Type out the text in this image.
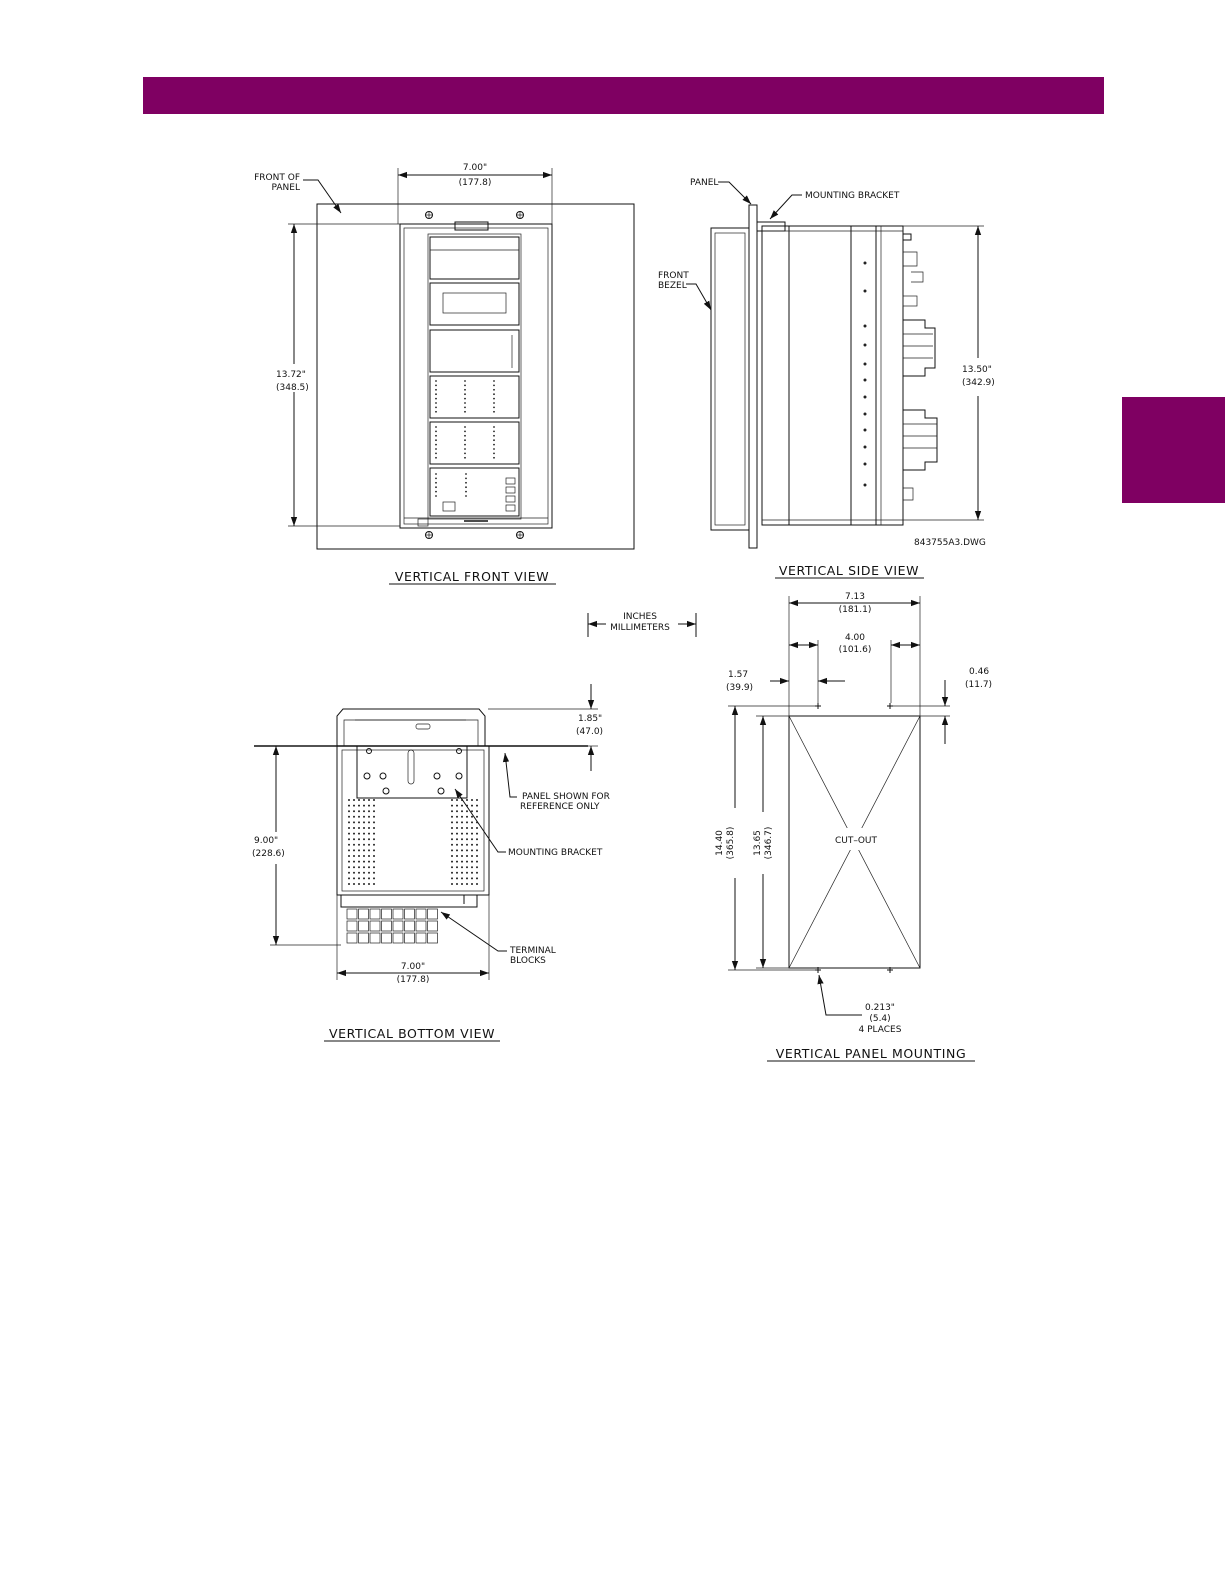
7.00"
(177.8)
13.72"
(348.5)
FRONT OF
PANEL
VERTICAL FRONT VIEW
13.50"
(342.9)
PANEL
MOUNTING BRACKET
FRONT
BEZEL
843755A3.DWG
VERTICAL SIDE VIEW
INCHES
MILLIMETERS
1.85"
(47.0)
PANEL SHOWN FOR
REFERENCE ONLY
MOUNTING BRACKET
TERMINAL
BLOCKS
9.00"
(228.6)
7.00"
(177.8)
VERTICAL BOTTOM VIEW
CUT–OUT
7.13
(181.1)
4.00
(101.6)
1.57
(39.9)
0.46
(11.7)
14.40 (365.8) 13.65 (346.7)
0.213"
(5.4)
4 PLACES
VERTICAL PANEL MOUNTING
